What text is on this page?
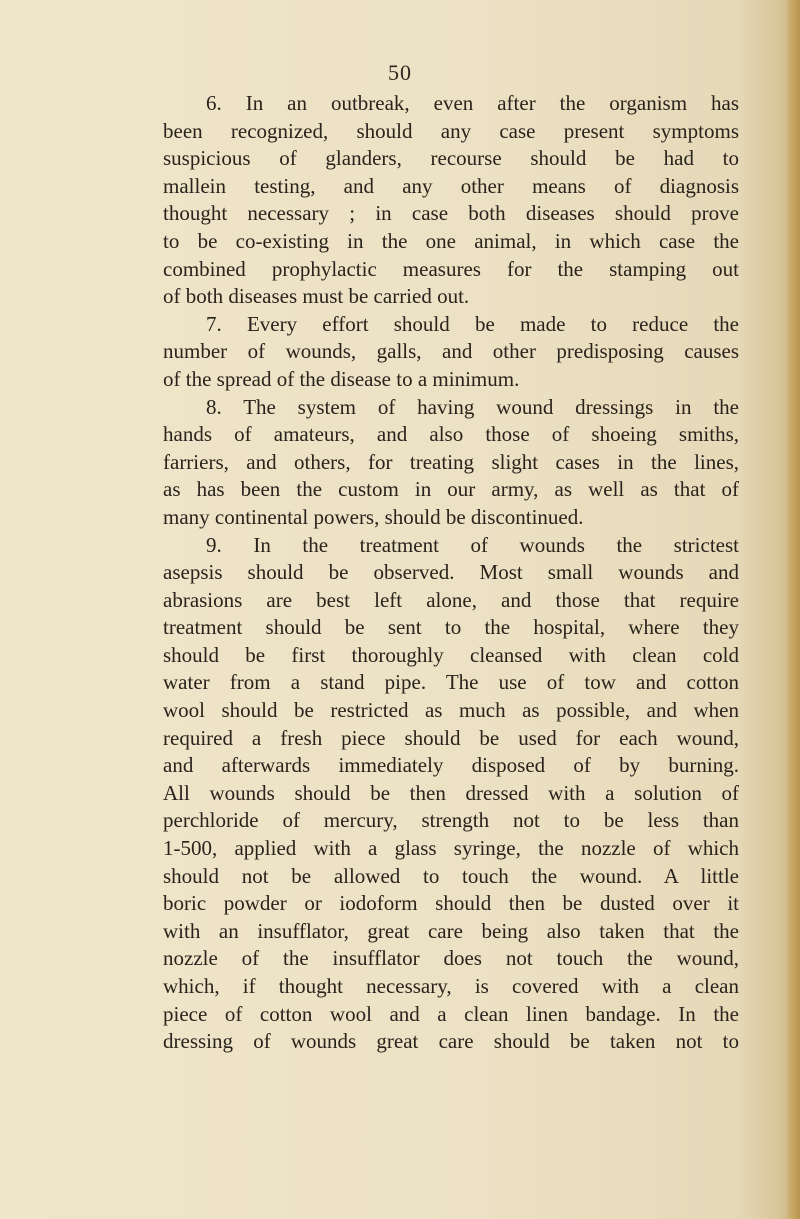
50
6. In an outbreak, even after the organism has
been recognized, should any case present symptoms
suspicious of glanders, recourse should be had to
mallein testing, and any other means of diagnosis
thought necessary ; in case both diseases should prove
to be co-existing in the one animal, in which case the
combined prophylactic measures for the stamping out
of both diseases must be carried out.
7. Every effort should be made to reduce the
number of wounds, galls, and other predisposing causes
of the spread of the disease to a minimum.
8. The system of having wound dressings in the
hands of amateurs, and also those of shoeing smiths,
farriers, and others, for treating slight cases in the lines,
as has been the custom in our army, as well as that of
many continental powers, should be discontinued.
9. In the treatment of wounds the strictest
asepsis should be observed. Most small wounds and
abrasions are best left alone, and those that require
treatment should be sent to the hospital, where they
should be first thoroughly cleansed with clean cold
water from a stand pipe. The use of tow and cotton
wool should be restricted as much as possible, and when
required a fresh piece should be used for each wound,
and afterwards immediately disposed of by burning.
All wounds should be then dressed with a solution of
perchloride of mercury, strength not to be less than
1-500, applied with a glass syringe, the nozzle of which
should not be allowed to touch the wound. A little
boric powder or iodoform should then be dusted over it
with an insufflator, great care being also taken that the
nozzle of the insufflator does not touch the wound,
which, if thought necessary, is covered with a clean
piece of cotton wool and a clean linen bandage. In the
dressing of wounds great care should be taken not to
